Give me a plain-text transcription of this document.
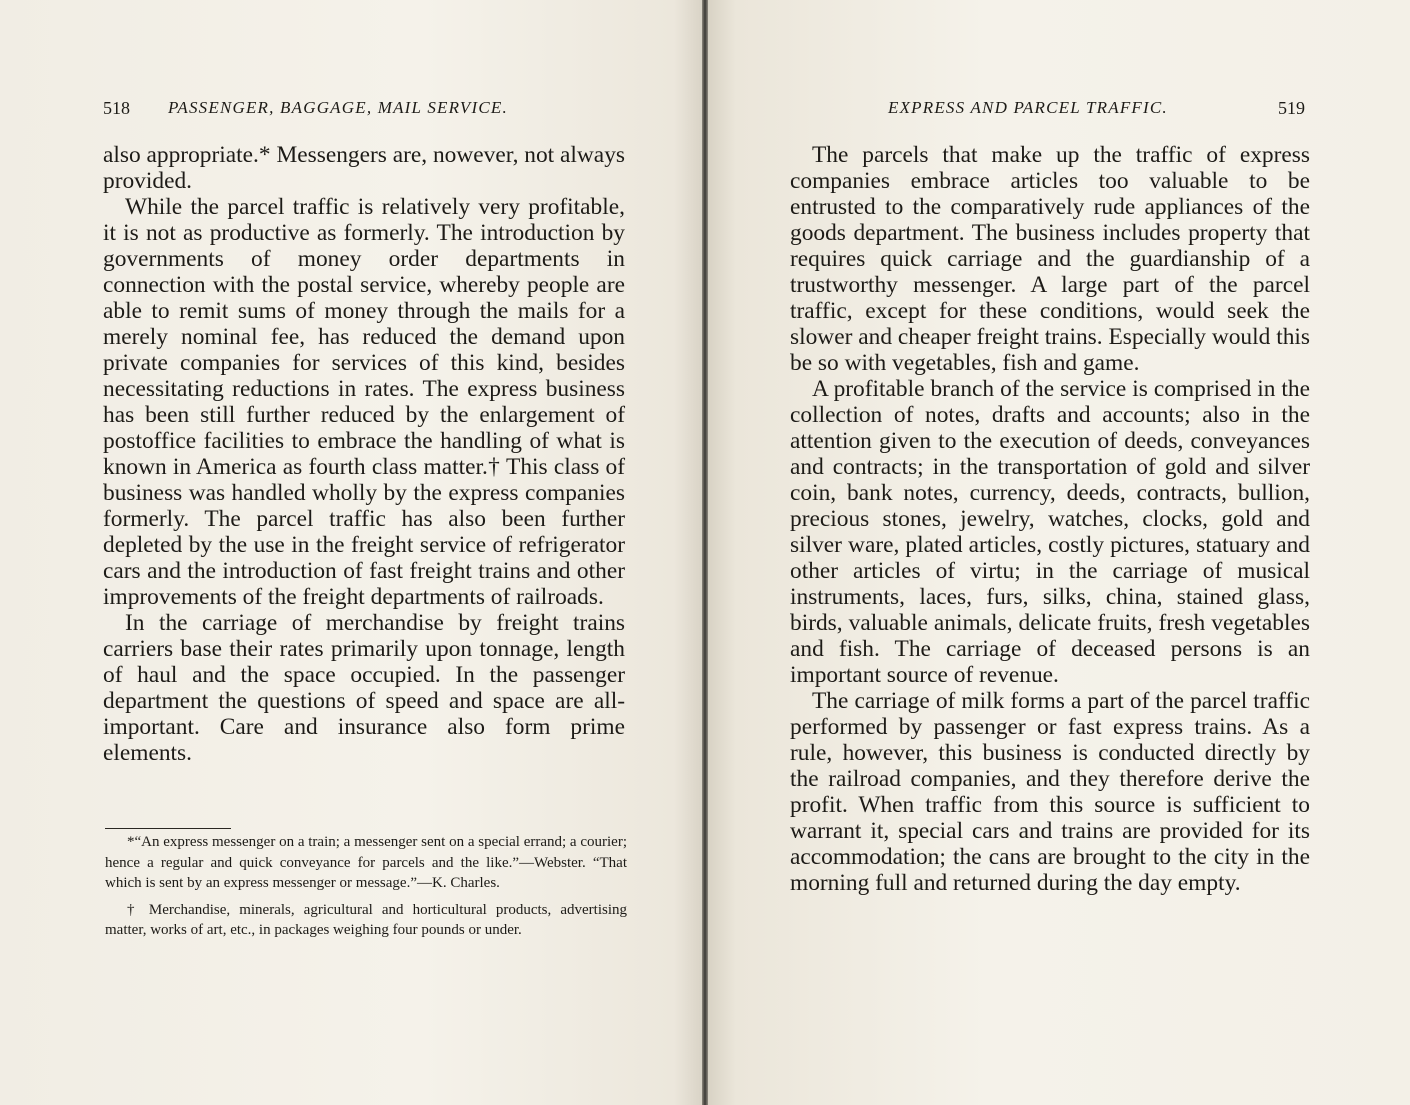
518 PASSENGER, BAGGAGE, MAIL SERVICE.

also appropriate.* Messengers are, nowever, not always provided.

While the parcel traffic is relatively very profitable, it is not as productive as formerly. The introduction by governments of money order departments in connection with the postal service, whereby people are able to remit sums of money through the mails for a merely nominal fee, has reduced the demand upon private companies for services of this kind, besides necessitating reductions in rates. The express business has been still further reduced by the enlargement of postoffice facilities to embrace the handling of what is known in America as fourth class matter.† This class of business was handled wholly by the express companies formerly. The parcel traffic has also been further depleted by the use in the freight service of refrigerator cars and the introduction of fast freight trains and other improvements of the freight departments of railroads.

In the carriage of merchandise by freight trains carriers base their rates primarily upon tonnage, length of haul and the space occupied. In the passenger department the questions of speed and space are all-important. Care and insurance also form prime elements.

*“An express messenger on a train; a messenger sent on a special errand; a courier; hence a regular and quick conveyance for parcels and the like.”—Webster. “That which is sent by an express messenger or message.”—K. Charles.

† Merchandise, minerals, agricultural and horticultural products, advertising matter, works of art, etc., in packages weighing four pounds or under.

EXPRESS AND PARCEL TRAFFIC.	519

The parcels that make up the traffic of express companies embrace articles too valuable to be entrusted to the comparatively rude appliances of the goods department. The business includes property that requires quick carriage and the guardianship of a trustworthy messenger. A large part of the parcel traffic, except for these conditions, would seek the slower and cheaper freight trains. Especially would this be so with vegetables, fish and game.

A profitable branch of the service is comprised in the collection of notes, drafts and accounts; also in the attention given to the execution of deeds, conveyances and contracts; in the transportation of gold and silver coin, bank notes, currency, deeds, contracts, bullion, precious stones, jewelry, watches, clocks, gold and silver ware, plated articles, costly pictures, statuary and other articles of virtu; in the carriage of musical instruments, laces, furs, silks, china, stained glass, birds, valuable animals, delicate fruits, fresh vegetables and fish. The carriage of deceased persons is an important source of revenue.

The carriage of milk forms a part of the parcel traffic performed by passenger or fast express trains. As a rule, however, this business is conducted directly by the railroad companies, and they therefore derive the profit. When traffic from this source is sufficient to warrant it, special cars and trains are provided for its accommodation; the cans are brought to the city in the morning full and returned during the day empty.
